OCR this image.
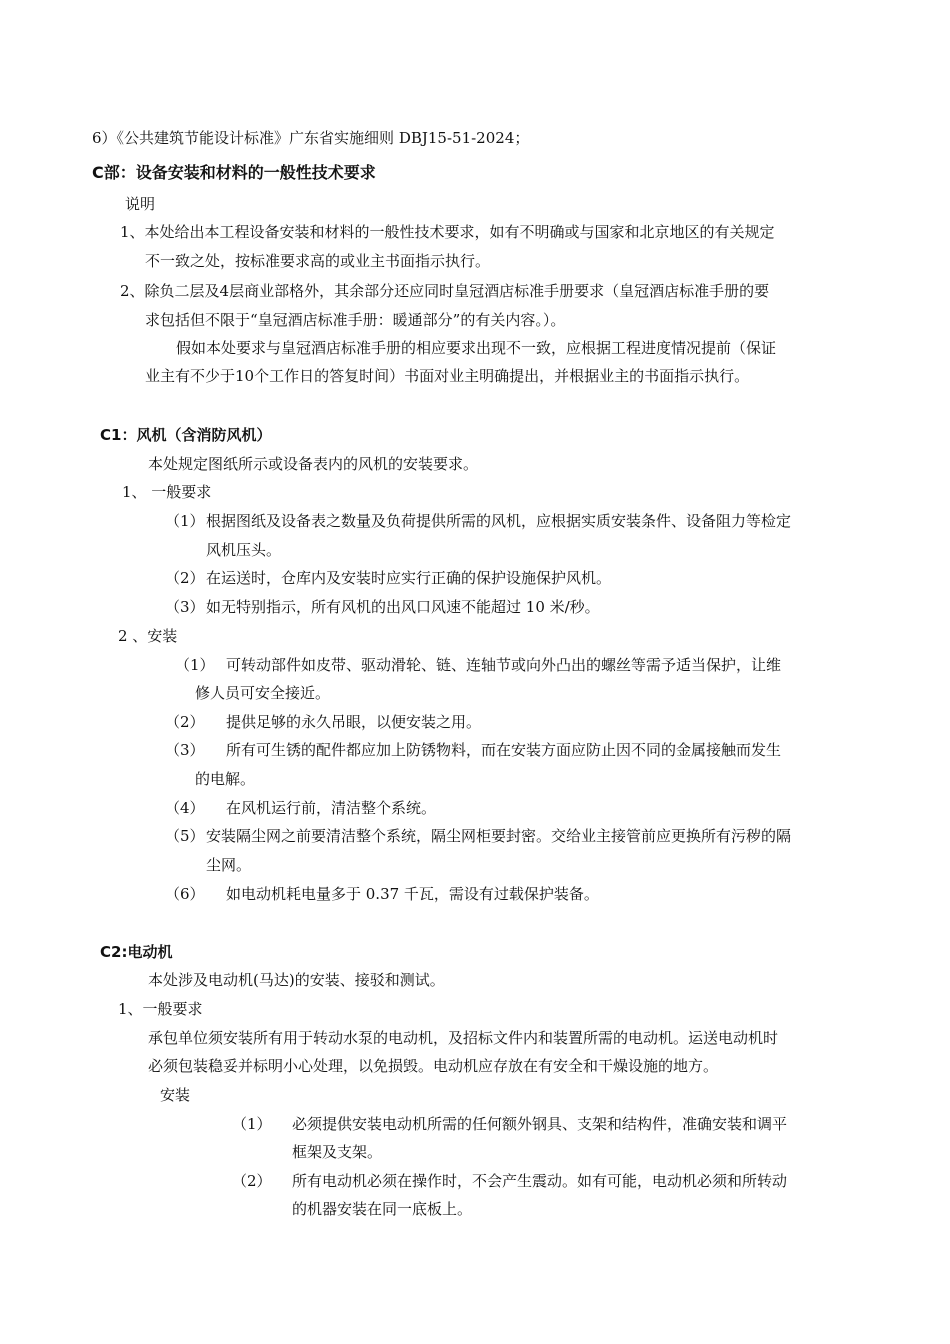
6）《公共建筑节能设计标准》广东省实施细则 DBJ15-51-2024；
C部：设备安装和材料的一般性技术要求
说明
1、本处给出本工程设备安装和材料的一般性技术要求，如有不明确或与国家和北京地区的有关规定
不一致之处，按标准要求高的或业主书面指示执行。
2、除负二层及4层商业部格外，其余部分还应同时皇冠酒店标准手册要求（皇冠酒店标准手册的要
求包括但不限于“皇冠酒店标准手册：暖通部分”的有关内容。）。
假如本处要求与皇冠酒店标准手册的相应要求出现不一致，应根据工程进度情况提前（保证
业主有不少于10个工作日的答复时间）书面对业主明确提出，并根据业主的书面指示执行。
C1：风机（含消防风机）
本处规定图纸所示或设备表内的风机的安装要求。
1、 一般要求
（1） 根据图纸及设备表之数量及负荷提供所需的风机，应根据实质安装条件、设备阻力等检定
风机压头。
（2） 在运送时，仓库内及安装时应实行正确的保护设施保护风机。
（3） 如无特别指示，所有风机的出风口风速不能超过 10 米/秒。
2 、安装
（1） 可转动部件如皮带、驱动滑轮、链、连轴节或向外凸出的螺丝等需予适当保护，让维
修人员可安全接近。
（2） 提供足够的永久吊眼，以便安装之用。
（3） 所有可生锈的配件都应加上防锈物料，而在安装方面应防止因不同的金属接触而发生
的电解。
（4） 在风机运行前，清洁整个系统。
（5） 安装隔尘网之前要清洁整个系统，隔尘网柜要封密。交给业主接管前应更换所有污秽的隔
尘网。
（6） 如电动机耗电量多于 0.37 千瓦，需设有过载保护装备。
C2:电动机
本处涉及电动机(马达)的安装、接驳和测试。
1、一般要求
承包单位须安装所有用于转动水泵的电动机，及招标文件内和装置所需的电动机。运送电动机时
必须包装稳妥并标明小心处理，以免损毁。电动机应存放在有安全和干燥设施的地方。
安装
（1） 必须提供安装电动机所需的任何额外钢具、支架和结构件，准确安装和调平
框架及支架。
（2） 所有电动机必须在操作时，不会产生震动。如有可能，电动机必须和所转动
的机器安装在同一底板上。
